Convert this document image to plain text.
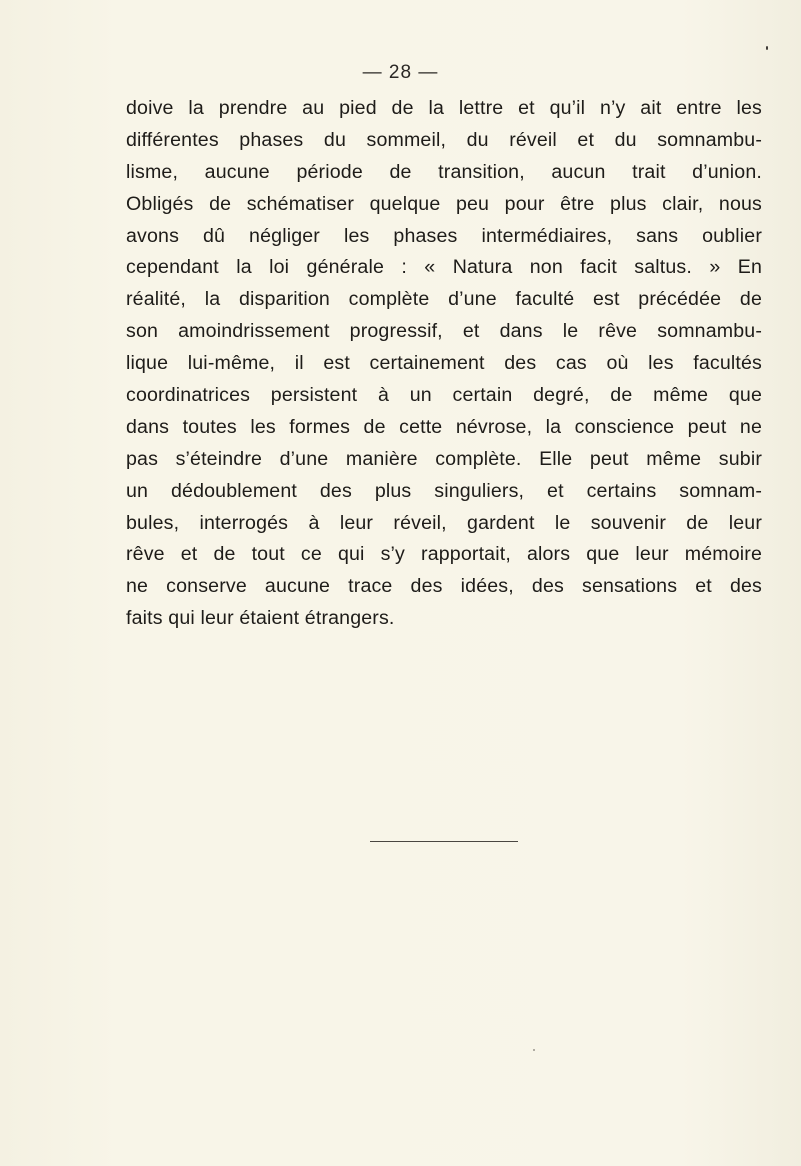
— 28 —
doive la prendre au pied de la lettre et qu’il n’y ait entre les
différentes phases du sommeil, du réveil et du somnambu-
lisme, aucune période de transition, aucun trait d’union.
Obligés de schématiser quelque peu pour être plus clair, nous
avons dû négliger les phases intermédiaires, sans oublier
cependant la loi générale : « Natura non facit saltus. » En
réalité, la disparition complète d’une faculté est précédée de
son amoindrissement progressif, et dans le rêve somnambu-
lique lui-même, il est certainement des cas où les facultés
coordinatrices persistent à un certain degré, de même que
dans toutes les formes de cette névrose, la conscience peut ne
pas s’éteindre d’une manière complète. Elle peut même subir
un dédoublement des plus singuliers, et certains somnam-
bules, interrogés à leur réveil, gardent le souvenir de leur
rêve et de tout ce qui s’y rapportait, alors que leur mémoire
ne conserve aucune trace des idées, des sensations et des
faits qui leur étaient étrangers.
